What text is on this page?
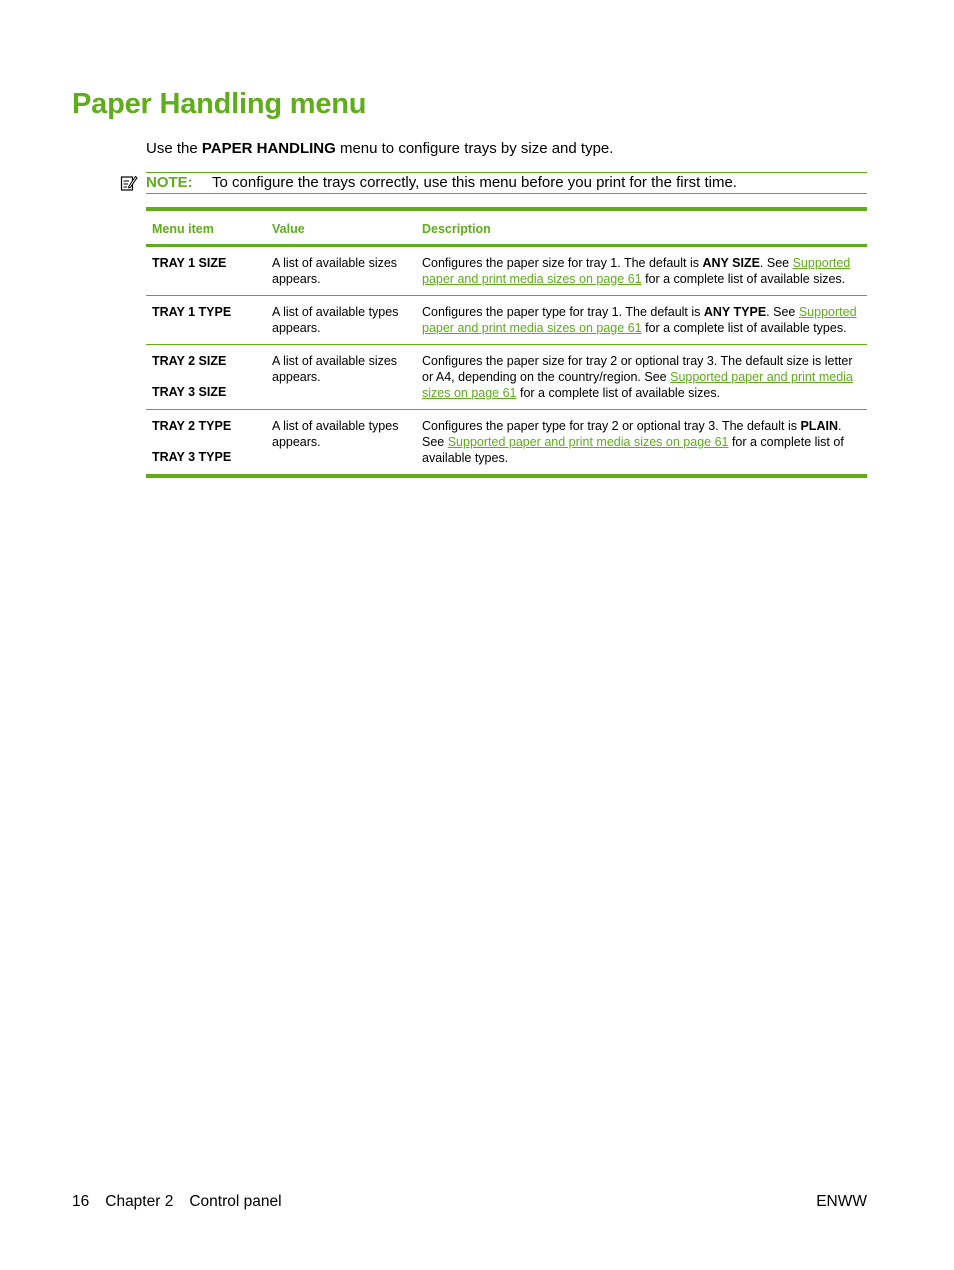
Paper Handling menu

Use the PAPER HANDLING menu to configure trays by size and type.

NOTE: To configure the trays correctly, use this menu before you print for the first time.
Menu item	Value	Description

TRAY 1 SIZE	A list of available sizes appears.	Configures the paper size for tray 1. The default is ANY SIZE. See Supported paper and print media sizes on page 61 for a complete list of available sizes.

TRAY 1 TYPE	A list of available types appears.	Configures the paper type for tray 1. The default is ANY TYPE. See Supported paper and print media sizes on page 61 for a complete list of available types.

TRAY 2 SIZE
TRAY 3 SIZE	A list of available sizes appears.	Configures the paper size for tray 2 or optional tray 3. The default size is letter or A4, depending on the country/region. See Supported paper and print media sizes on page 61 for a complete list of available sizes.

TRAY 2 TYPE
TRAY 3 TYPE	A list of available types appears.	Configures the paper type for tray 2 or optional tray 3. The default is PLAIN. See Supported paper and print media sizes on page 61 for a complete list of available types.
16 Chapter 2 Control panel	ENWW
